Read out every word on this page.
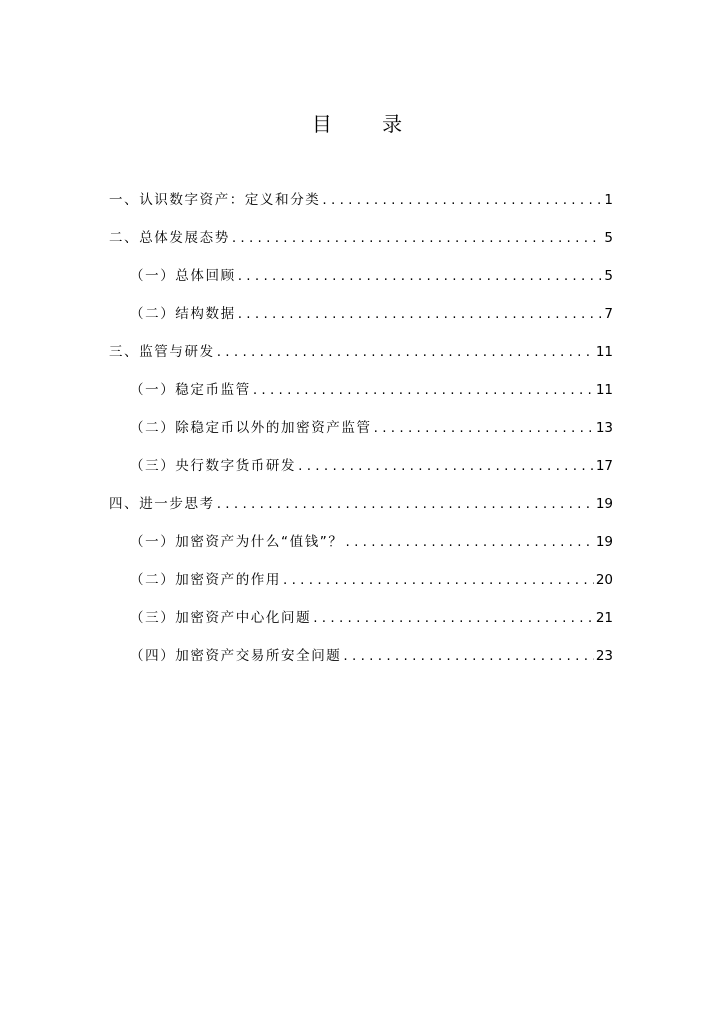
目 录
一、认识数字资产：定义和分类 . . .	1
二、总体发展态势 . . .	5
（一）总体回顾 . . .	5
（二）结构数据 . . .	7
三、监管与研发 . . .	11
（一）稳定币监管 . . .	11
（二）除稳定币以外的加密资产监管 . . .	13
（三）央行数字货币研发 . . .	17
四、进一步思考 . . .	19
（一）加密资产为什么“值钱”？ . . .	19
（二）加密资产的作用 . . .	20
（三）加密资产中心化问题 . . .	21
（四）加密资产交易所安全问题 . . .	23
